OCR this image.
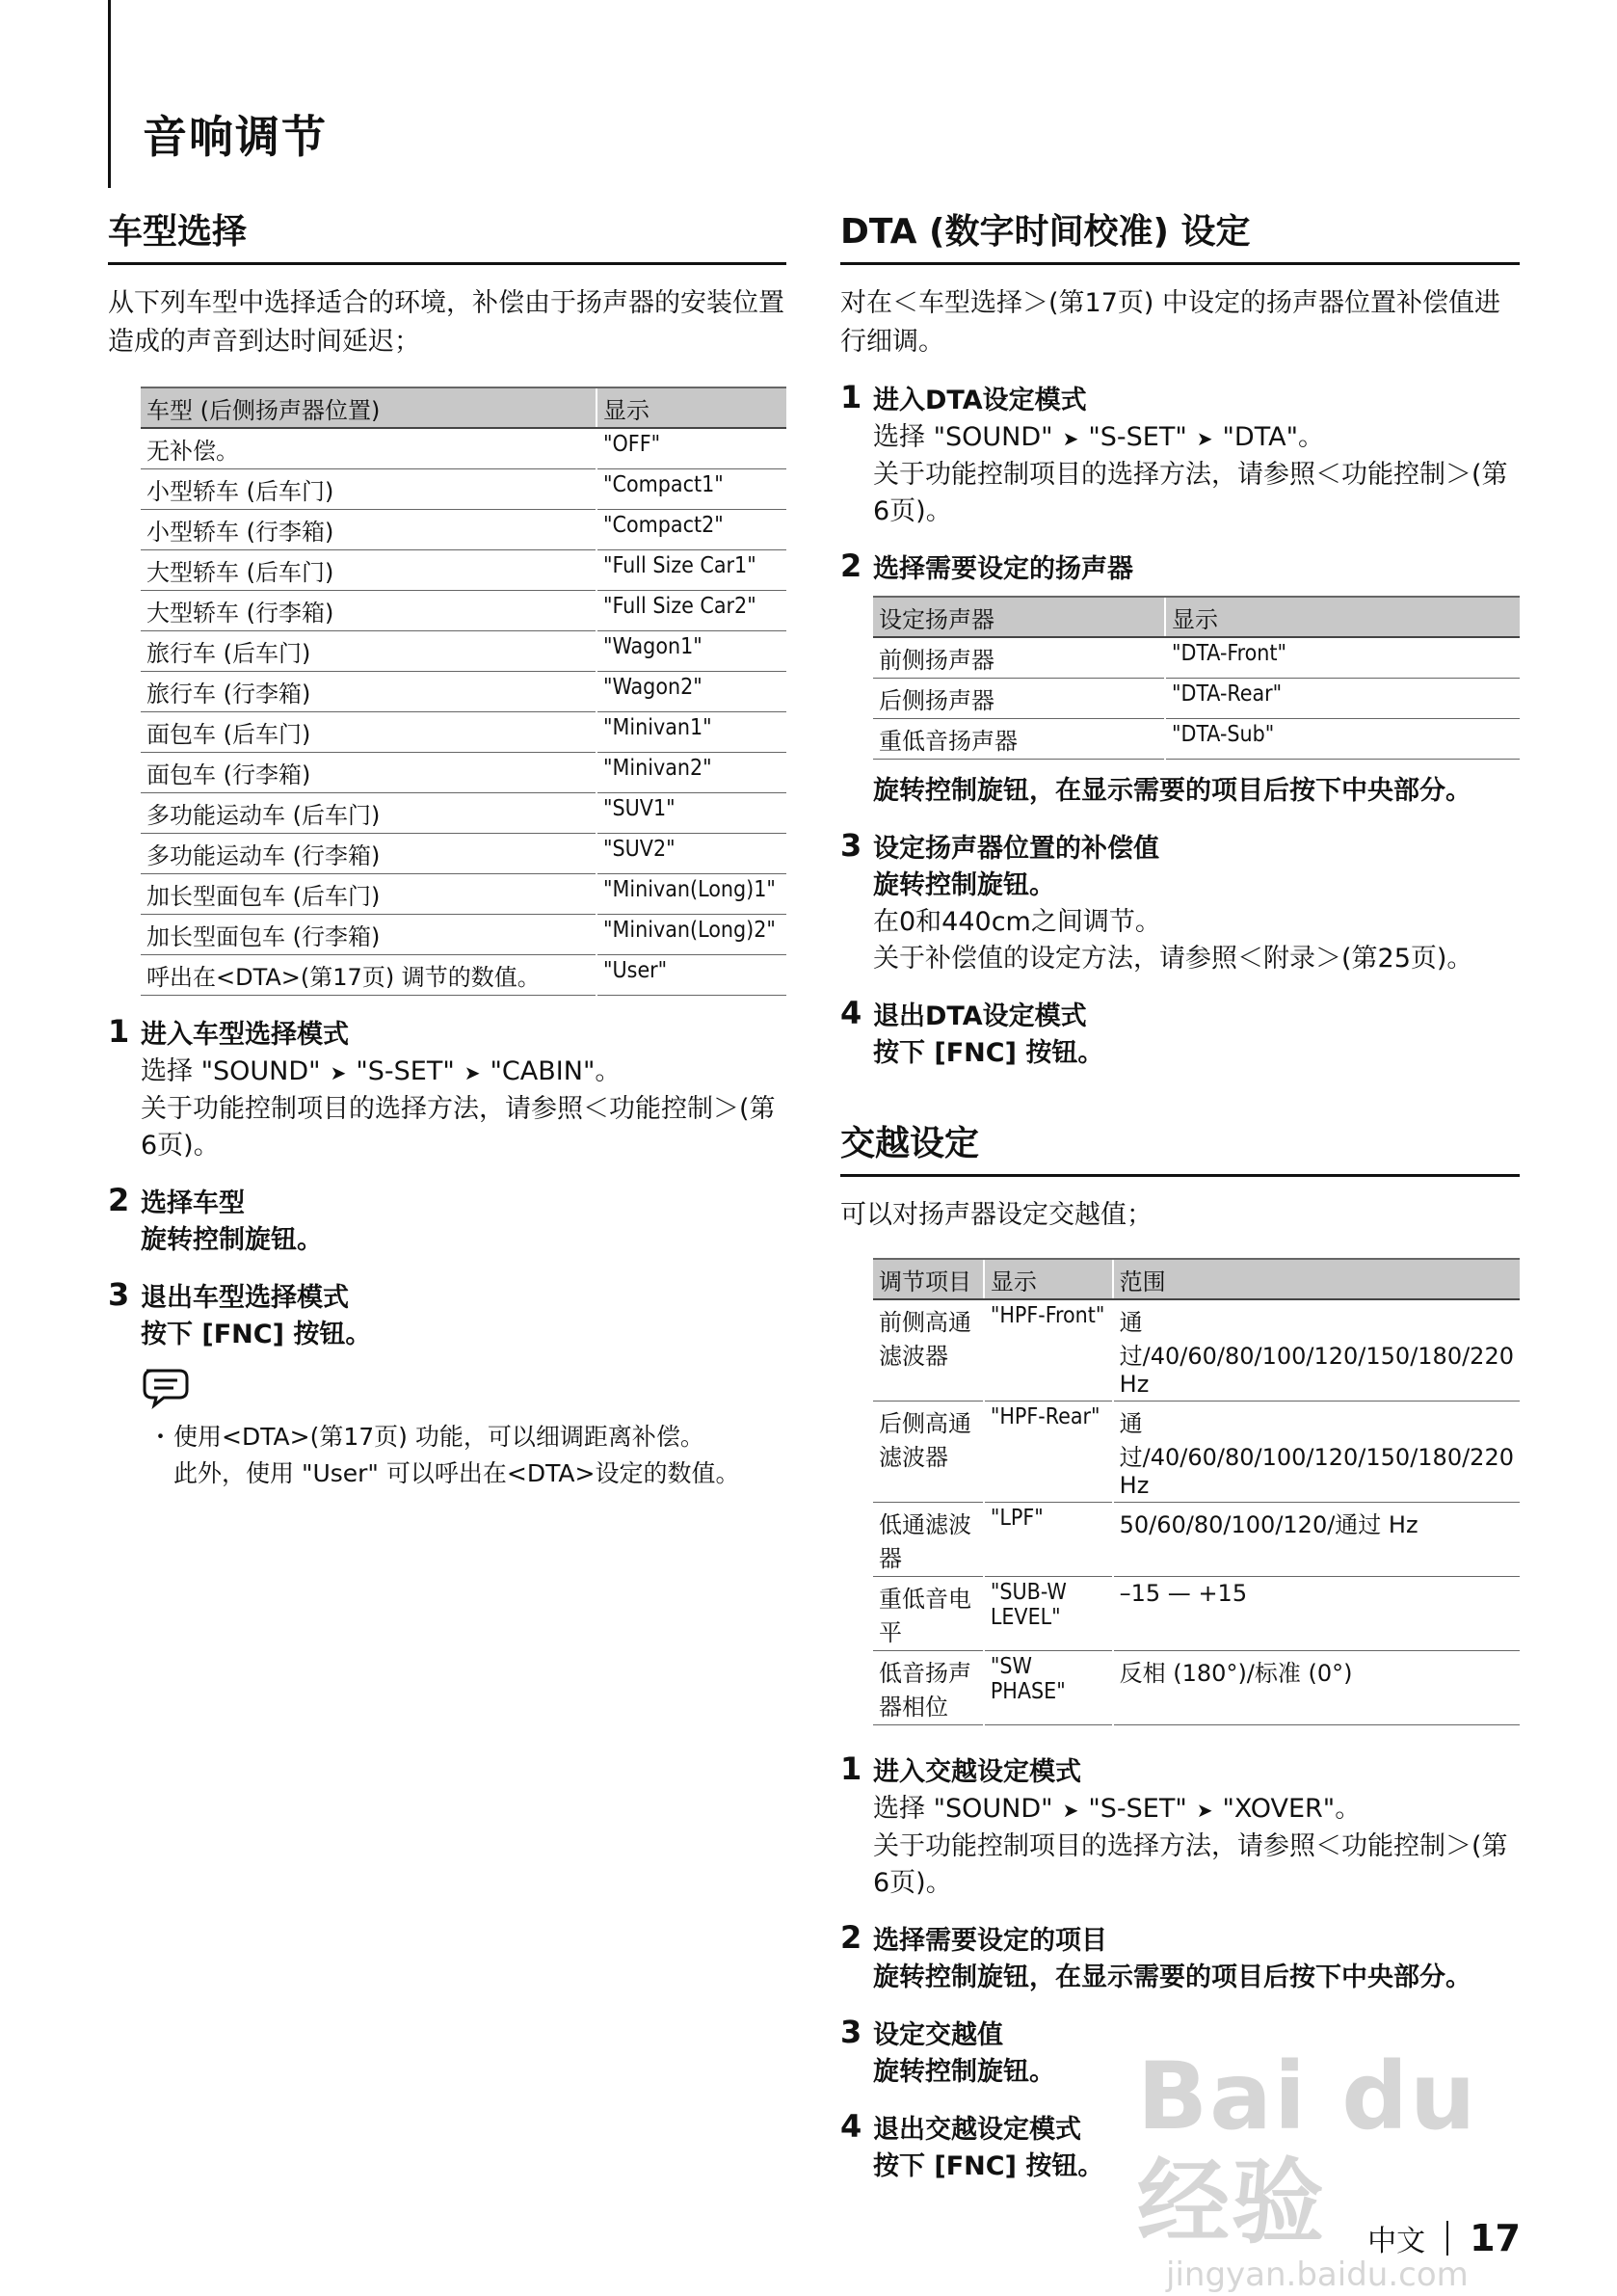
音响调节
车型选择

从下列车型中选择适合的环境，补偿由于扬声器的安装位置造成的声音到达时间延迟；

车型 (后侧扬声器位置)	显示
无补偿。	"OFF"
小型轿车 (后车门)	"Compact1"
小型轿车 (行李箱)	"Compact2"
大型轿车 (后车门)	"Full Size Car1"
大型轿车 (行李箱)	"Full Size Car2"
旅行车 (后车门)	"Wagon1"
旅行车 (行李箱)	"Wagon2"
面包车 (后车门)	"Minivan1"
面包车 (行李箱)	"Minivan2"
多功能运动车 (后车门)	"SUV1"
多功能运动车 (行李箱)	"SUV2"
加长型面包车 (后车门)	"Minivan(Long)1"
加长型面包车 (行李箱)	"Minivan(Long)2"
呼出在<DTA>(第17页) 调节的数值。	"User"
1 进入车型选择模式
选择 "SOUND" ➤ "S-SET" ➤ "CABIN"。
关于功能控制项目的选择方法，请参照＜功能控制＞(第6页)。
2 选择车型
旋转控制旋钮。
3 退出车型选择模式
按下 [FNC] 按钮。
・ 使用<DTA>(第17页) 功能，可以细调距离补偿。
此外，使用 "User" 可以呼出在<DTA>设定的数值。
DTA (数字时间校准) 设定

对在＜车型选择＞(第17页) 中设定的扬声器位置补偿值进行细调。

1 进入DTA设定模式
选择 "SOUND" ➤ "S-SET" ➤ "DTA"。
关于功能控制项目的选择方法，请参照＜功能控制＞(第6页)。
2 选择需要设定的扬声器
设定扬声器	显示
前侧扬声器	"DTA-Front"
后侧扬声器	"DTA-Rear"
重低音扬声器	"DTA-Sub"
旋转控制旋钮，在显示需要的项目后按下中央部分。
3 设定扬声器位置的补偿值
旋转控制旋钮。
在0和440cm之间调节。
关于补偿值的设定方法，请参照＜附录＞(第25页)。
4 退出DTA设定模式
按下 [FNC] 按钮。
交越设定

可以对扬声器设定交越值；

调节项目	显示	范围
前侧高通滤波器	"HPF-Front"	通过/40/60/80/100/120/150/180/220 Hz
后侧高通滤波器	"HPF-Rear"	通过/40/60/80/100/120/150/180/220 Hz
低通滤波器	"LPF"	50/60/80/100/120/通过 Hz
重低音电平	"SUB-W LEVEL"	–15 — +15
低音扬声器相位	"SW PHASE"	反相 (180°)/标准 (0°)
1 进入交越设定模式
选择 "SOUND" ➤ "S-SET" ➤ "XOVER"。
关于功能控制项目的选择方法，请参照＜功能控制＞(第6页)。
2 选择需要设定的项目
旋转控制旋钮，在显示需要的项目后按下中央部分。
3 设定交越值
旋转控制旋钮。
4 退出交越设定模式
按下 [FNC] 按钮。
Bai du 经验
jingyan.baidu.com
中文 17
